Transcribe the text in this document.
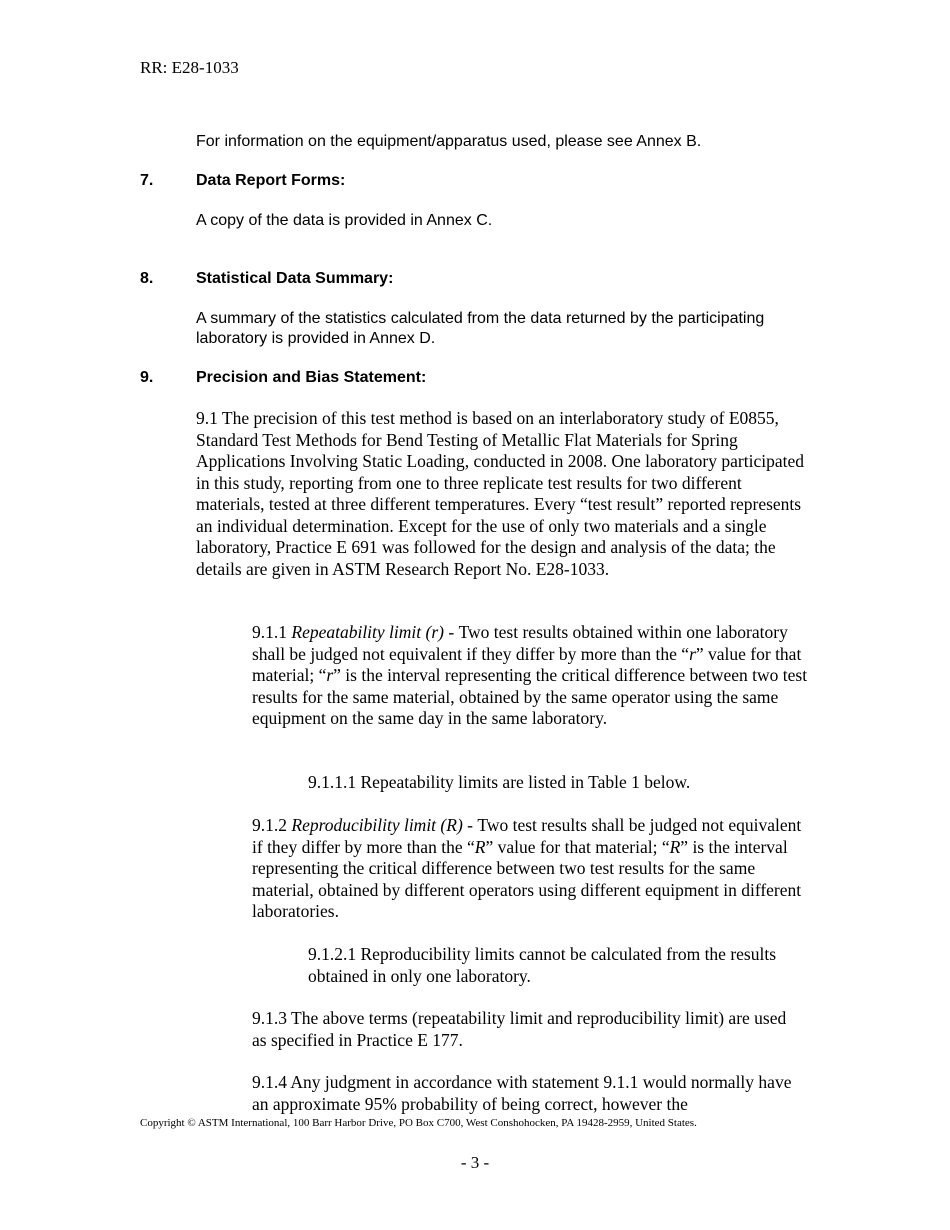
RR: E28-1033
For information on the equipment/apparatus used, please see Annex B.
7.	Data Report Forms:
A copy of the data is provided in Annex C.
8.	Statistical Data Summary:
A summary of the statistics calculated from the data returned by the participating laboratory is provided in Annex D.
9.	Precision and Bias Statement:
9.1 The precision of this test method is based on an interlaboratory study of E0855, Standard Test Methods for Bend Testing of Metallic Flat Materials for Spring Applications Involving Static Loading, conducted in 2008. One laboratory participated in this study, reporting from one to three replicate test results for two different materials, tested at three different temperatures. Every “test result” reported represents an individual determination. Except for the use of only two materials and a single laboratory, Practice E 691 was followed for the design and analysis of the data; the details are given in ASTM Research Report No. E28-1033.
9.1.1 Repeatability limit (r) - Two test results obtained within one laboratory shall be judged not equivalent if they differ by more than the “r” value for that material; “r” is the interval representing the critical difference between two test results for the same material, obtained by the same operator using the same equipment on the same day in the same laboratory.
9.1.1.1 Repeatability limits are listed in Table 1 below.
9.1.2 Reproducibility limit (R) - Two test results shall be judged not equivalent if they differ by more than the “R” value for that material; “R” is the interval representing the critical difference between two test results for the same material, obtained by different operators using different equipment in different laboratories.
9.1.2.1 Reproducibility limits cannot be calculated from the results obtained in only one laboratory.
9.1.3 The above terms (repeatability limit and reproducibility limit) are used as specified in Practice E 177.
9.1.4 Any judgment in accordance with statement 9.1.1 would normally have an approximate 95% probability of being correct, however the
Copyright © ASTM International, 100 Barr Harbor Drive, PO Box C700, West Conshohocken, PA 19428-2959, United States.
- 3 -
